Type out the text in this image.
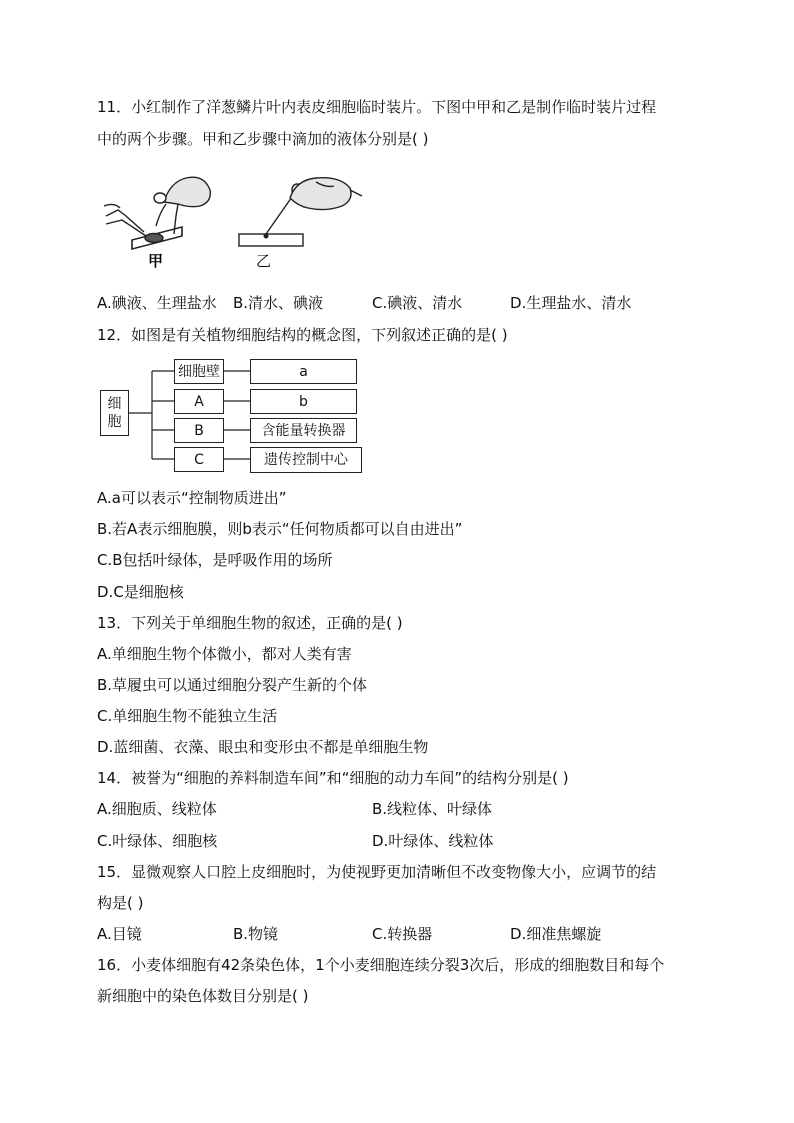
11．小红制作了洋葱鳞片叶内表皮细胞临时装片。下图中甲和乙是制作临时装片过程
中的两个步骤。甲和乙步骤中滴加的液体分别是( )
甲	乙
A.碘液、生理盐水 B.清水、碘液	C.碘液、清水	D.生理盐水、清水
12．如图是有关植物细胞结构的概念图，下列叙述正确的是( )
细
胞
细胞壁
A
B
C
a
b
含能量转换器
遗传控制中心
A.a可以表示“控制物质进出”
B.若A表示细胞膜，则b表示“任何物质都可以自由进出”
C.B包括叶绿体，是呼吸作用的场所
D.C是细胞核
13．下列关于单细胞生物的叙述，正确的是( )
A.单细胞生物个体微小，都对人类有害
B.草履虫可以通过细胞分裂产生新的个体
C.单细胞生物不能独立生活
D.蓝细菌、衣藻、眼虫和变形虫不都是单细胞生物
14．被誉为“细胞的养料制造车间”和“细胞的动力车间”的结构分别是( )
A.细胞质、线粒体	B.线粒体、叶绿体
C.叶绿体、细胞核	D.叶绿体、线粒体
15．显微观察人口腔上皮细胞时，为使视野更加清晰但不改变物像大小，应调节的结
构是( )
A.目镜	B.物镜	C.转换器	D.细准焦螺旋
16．小麦体细胞有42条染色体，1个小麦细胞连续分裂3次后，形成的细胞数目和每个
新细胞中的染色体数目分别是( )
